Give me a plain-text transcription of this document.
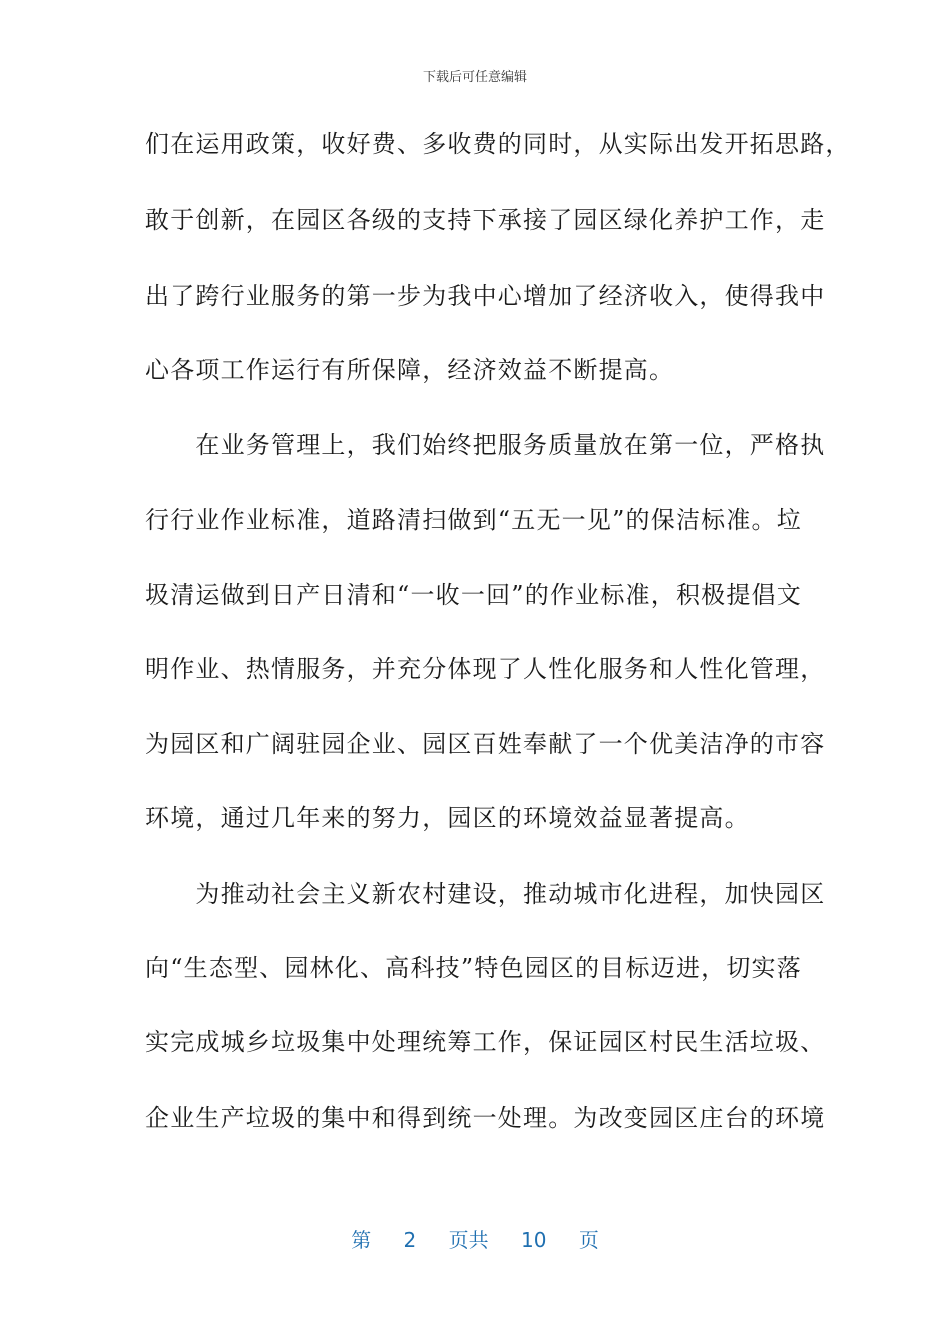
下载后可任意编辑
们在运用政策，收好费、多收费的同时，从实际出发开拓思路，
敢于创新，在园区各级的支持下承接了园区绿化养护工作，走
出了跨行业服务的第一步为我中心增加了经济收入，使得我中
心各项工作运行有所保障，经济效益不断提高。
　　在业务管理上，我们始终把服务质量放在第一位，严格执
行行业作业标准，道路清扫做到“五无一见”的保洁标准。垃
圾清运做到日产日清和“一收一回”的作业标准，积极提倡文
明作业、热情服务，并充分体现了人性化服务和人性化管理，
为园区和广阔驻园企业、园区百姓奉献了一个优美洁净的市容
环境，通过几年来的努力，园区的环境效益显著提高。
　　为推动社会主义新农村建设，推动城市化进程，加快园区
向“生态型、园林化、高科技”特色园区的目标迈进，切实落
实完成城乡垃圾集中处理统筹工作，保证园区村民生活垃圾、
企业生产垃圾的集中和得到统一处理。为改变园区庄台的环境
第 2 页共 10 页
